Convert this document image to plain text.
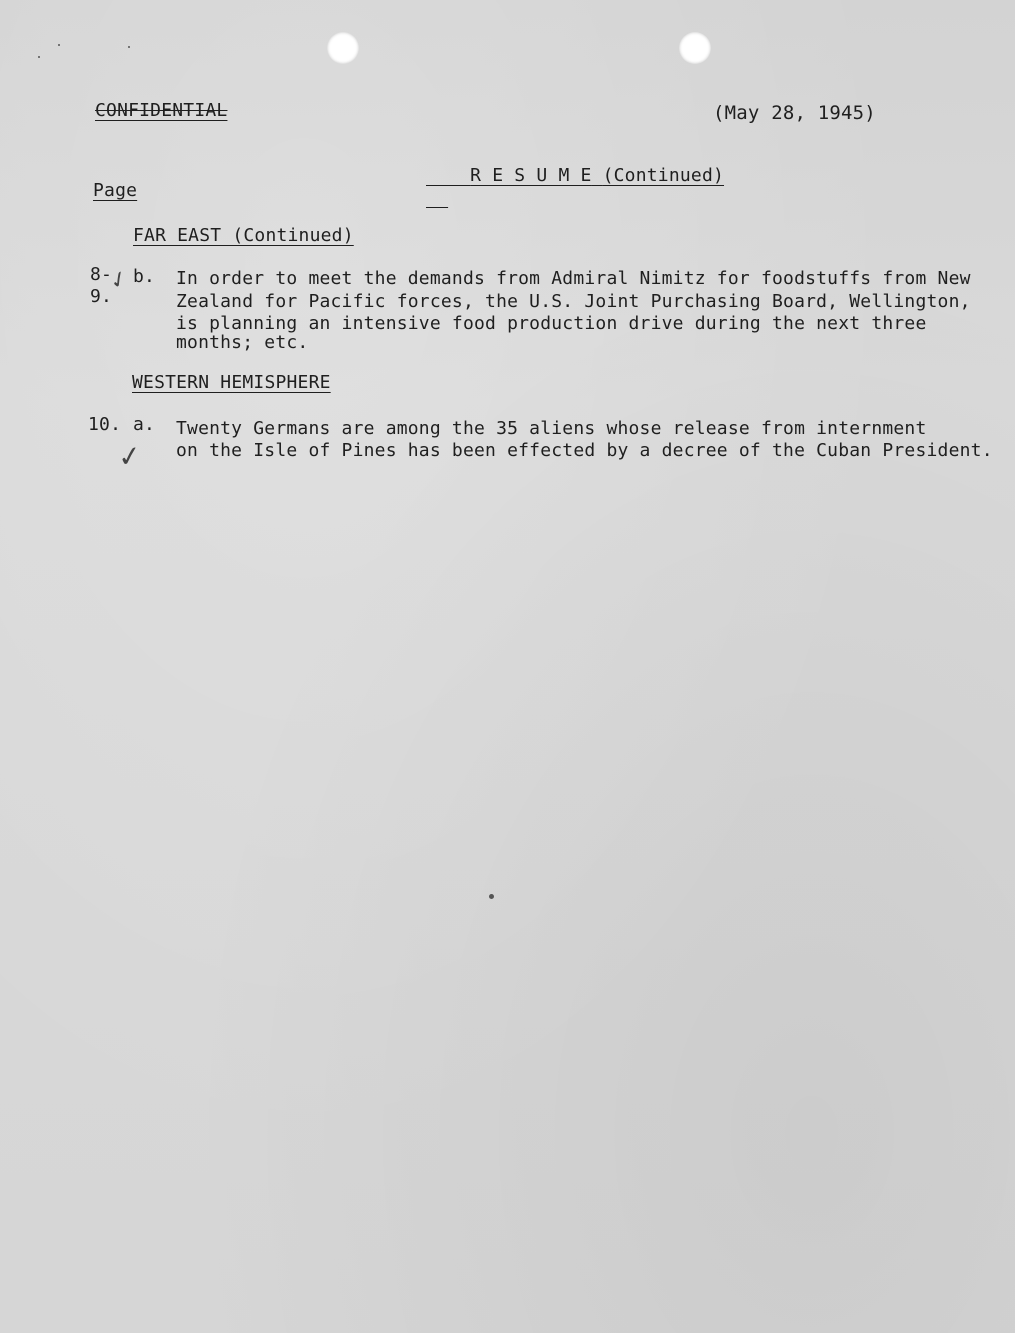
CONFIDENTIAL	(May 28, 1945)

R E S U M E (Continued)

Page
FAR EAST (Continued)
8-
9.
b.
✓ In order to meet the demands from Admiral Nimitz for foodstuffs from New
Zealand for Pacific forces, the U.S. Joint Purchasing Board, Wellington,
is planning an intensive food production drive during the next three
months; etc.
WESTERN HEMISPHERE
10. a.
✓
Twenty Germans are among the 35 aliens whose release from internment
on the Isle of Pines has been effected by a decree of the Cuban President.
